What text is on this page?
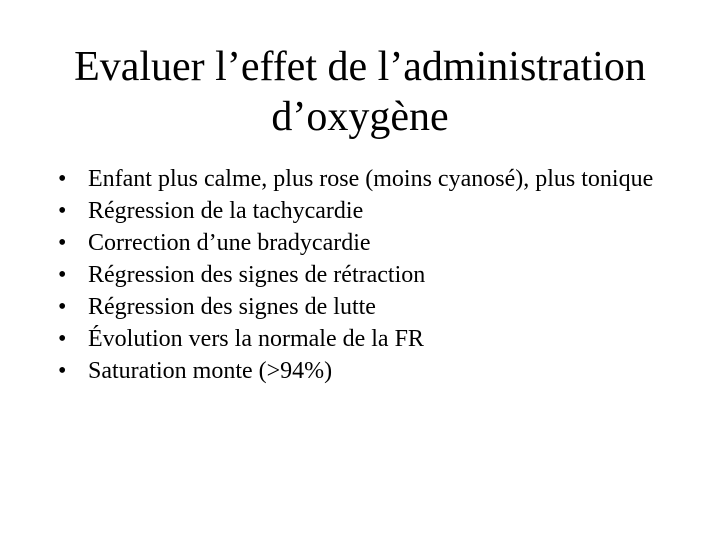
Evaluer l’effet de l’administration
d’oxygène
• Enfant plus calme, plus rose (moins cyanosé), plus tonique
• Régression de la tachycardie
• Correction d’une bradycardie
• Régression des signes de rétraction
• Régression des signes de lutte
• Évolution vers la normale de la FR
• Saturation monte (>94%)
